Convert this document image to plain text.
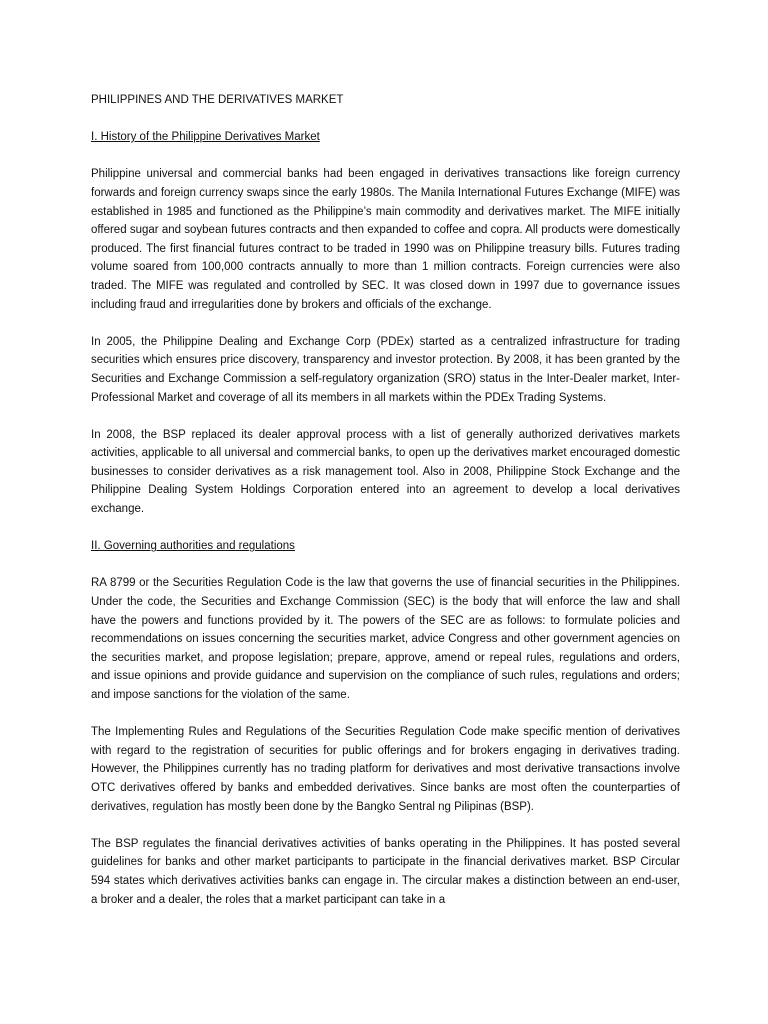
PHILIPPINES AND THE DERIVATIVES MARKET

I. History of the Philippine Derivatives Market

Philippine universal and commercial banks had been engaged in derivatives transactions like foreign currency forwards and foreign currency swaps since the early 1980s. The Manila International Futures Exchange (MIFE) was established in 1985 and functioned as the Philippine’s main commodity and derivatives market. The MIFE initially offered sugar and soybean futures contracts and then expanded to coffee and copra. All products were domestically produced. The first financial futures contract to be traded in 1990 was on Philippine treasury bills. Futures trading volume soared from 100,000 contracts annually to more than 1 million contracts. Foreign currencies were also traded. The MIFE was regulated and controlled by SEC. It was closed down in 1997 due to governance issues including fraud and irregularities done by brokers and officials of the exchange.

In 2005, the Philippine Dealing and Exchange Corp (PDEx) started as a centralized infrastructure for trading securities which ensures price discovery, transparency and investor protection. By 2008, it has been granted by the Securities and Exchange Commission a self-regulatory organization (SRO) status in the Inter-Dealer market, Inter-Professional Market and coverage of all its members in all markets within the PDEx Trading Systems.

In 2008, the BSP replaced its dealer approval process with a list of generally authorized derivatives markets activities, applicable to all universal and commercial banks, to open up the derivatives market encouraged domestic businesses to consider derivatives as a risk management tool. Also in 2008, Philippine Stock Exchange and the Philippine Dealing System Holdings Corporation entered into an agreement to develop a local derivatives exchange.

II. Governing authorities and regulations

RA 8799 or the Securities Regulation Code is the law that governs the use of financial securities in the Philippines. Under the code, the Securities and Exchange Commission (SEC) is the body that will enforce the law and shall have the powers and functions provided by it. The powers of the SEC are as follows: to formulate policies and recommendations on issues concerning the securities market, advice Congress and other government agencies on the securities market, and propose legislation; prepare, approve, amend or repeal rules, regulations and orders, and issue opinions and provide guidance and supervision on the compliance of such rules, regulations and orders; and impose sanctions for the violation of the same.

The Implementing Rules and Regulations of the Securities Regulation Code make specific mention of derivatives with regard to the registration of securities for public offerings and for brokers engaging in derivatives trading. However, the Philippines currently has no trading platform for derivatives and most derivative transactions involve OTC derivatives offered by banks and embedded derivatives. Since banks are most often the counterparties of derivatives, regulation has mostly been done by the Bangko Sentral ng Pilipinas (BSP).

The BSP regulates the financial derivatives activities of banks operating in the Philippines. It has posted several guidelines for banks and other market participants to participate in the financial derivatives market. BSP Circular 594 states which derivatives activities banks can engage in. The circular makes a distinction between an end-user, a broker and a dealer, the roles that a market participant can take in a
